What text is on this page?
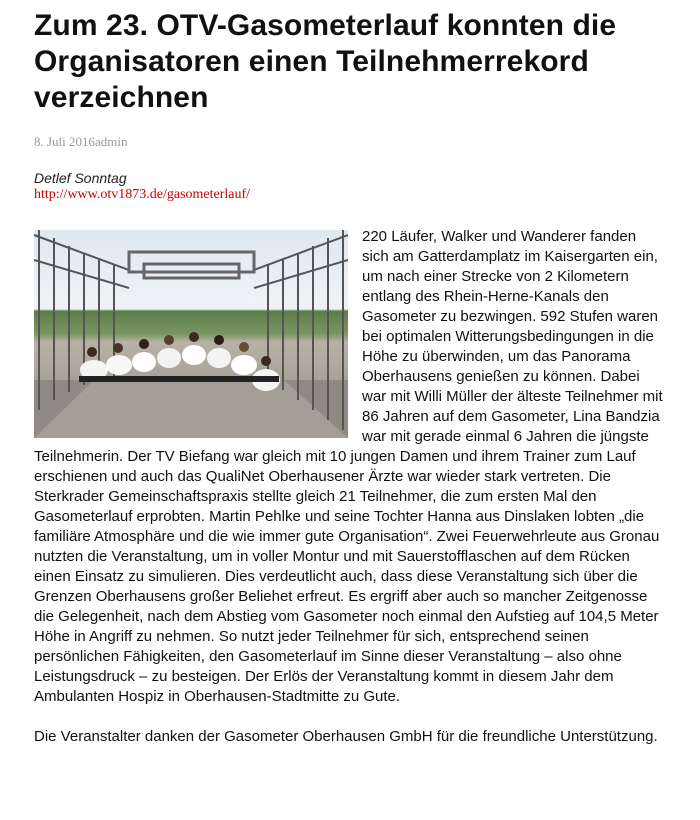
Zum 23. OTV-Gasometerlauf konnten die Organisatoren einen Teilnehmerrekord verzeichnen
8. Juli 2016admin
Detlef Sonntag
http://www.otv1873.de/gasometerlauf/

220 Läufer, Walker und Wanderer fanden sich am Gatterdamplatz im Kaisergarten ein, um nach einer Strecke von 2 Kilometern entlang des Rhein-Herne-Kanals den Gasometer zu bezwingen. 592 Stufen waren bei optimalen Witterungsbedingungen in die Höhe zu überwinden, um das Panorama Oberhausens genießen zu können. Dabei war mit Willi Müller der älteste Teilnehmer mit 86 Jahren auf dem Gasometer, Lina Bandzia war mit gerade einmal 6 Jahren die jüngste Teilnehmerin. Der TV Biefang war gleich mit 10 jungen Damen und ihrem Trainer zum Lauf erschienen und auch das QualiNet Oberhausener Ärzte war wieder stark vertreten. Die Sterkrader Gemeinschaftspraxis stellte gleich 21 Teilnehmer, die zum ersten Mal den Gasometerlauf erprobten. Martin Pehlke und seine Tochter Hanna aus Dinslaken lobten „die familiäre Atmosphäre und die wie immer gute Organisation“. Zwei Feuerwehrleute aus Gronau nutzten die Veranstaltung, um in voller Montur und mit Sauerstofflaschen auf dem Rücken einen Einsatz zu simulieren. Dies verdeutlicht auch, dass diese Veranstaltung sich über die Grenzen Oberhausens großer Beliehet erfreut. Es ergriff aber auch so mancher Zeitgenosse die Gelegenheit, nach dem Abstieg vom Gasometer noch einmal den Aufstieg auf 104,5 Meter Höhe in Angriff zu nehmen. So nutzt jeder Teilnehmer für sich, entsprechend seinen persönlichen Fähigkeiten, den Gasometerlauf im Sinne dieser Veranstaltung – also ohne Leistungsdruck – zu besteigen. Der Erlös der Veranstaltung kommt in diesem Jahr dem Ambulanten Hospiz in Oberhausen-Stadtmitte zu Gute.

Die Veranstalter danken der Gasometer Oberhausen GmbH für die freundliche Unterstützung.
